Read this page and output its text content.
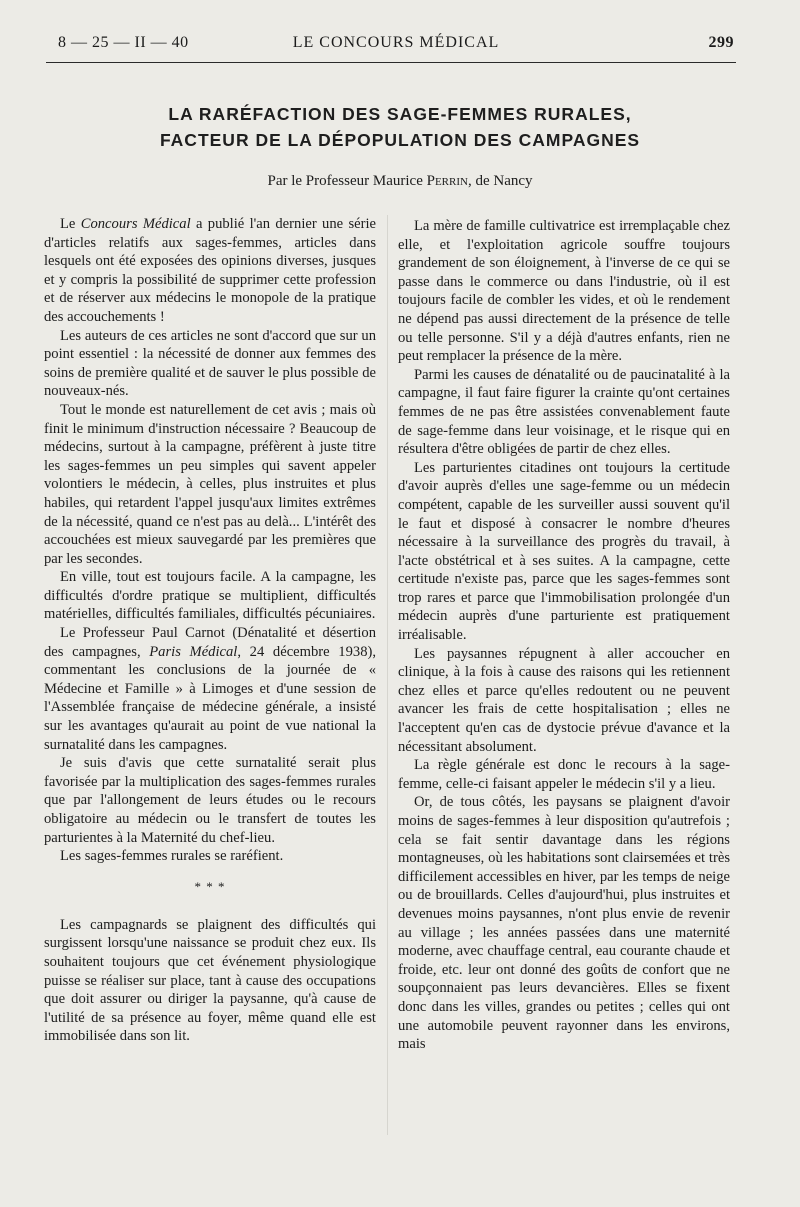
8 — 25 — II — 40	LE CONCOURS MÉDICAL	299
LA RARÉFACTION DES SAGE-FEMMES RURALES,
FACTEUR DE LA DÉPOPULATION DES CAMPAGNES
Par le Professeur Maurice Perrin, de Nancy

Le Concours Médical a publié l'an dernier une série d'articles relatifs aux sages-femmes, articles dans lesquels ont été exposées des opinions diverses, jusques et y compris la possibilité de supprimer cette profession et de réserver aux médecins le monopole de la pratique des accouchements !

Les auteurs de ces articles ne sont d'accord que sur un point essentiel : la nécessité de donner aux femmes des soins de première qualité et de sauver le plus possible de nouveaux-nés.

Tout le monde est naturellement de cet avis ; mais où finit le minimum d'instruction nécessaire ? Beaucoup de médecins, surtout à la campagne, préfèrent à juste titre les sages-femmes un peu simples qui savent appeler volontiers le médecin, à celles, plus instruites et plus habiles, qui retardent l'appel jusqu'aux limites extrêmes de la nécessité, quand ce n'est pas au delà... L'intérêt des accouchées est mieux sauvegardé par les premières que par les secondes.

En ville, tout est toujours facile. A la campagne, les difficultés d'ordre pratique se multiplient, difficultés matérielles, difficultés familiales, difficultés pécuniaires.

Le Professeur Paul Carnot (Dénatalité et désertion des campagnes, Paris Médical, 24 décembre 1938), commentant les conclusions de la journée de « Médecine et Famille » à Limoges et d'une session de l'Assemblée française de médecine générale, a insisté sur les avantages qu'aurait au point de vue national la surnatalité dans les campagnes.

Je suis d'avis que cette surnatalité serait plus favorisée par la multiplication des sages-femmes rurales que par l'allongement de leurs études ou le recours obligatoire au médecin ou le transfert de toutes les parturientes à la Maternité du chef-lieu.

Les sages-femmes rurales se raréfient.

* * *

Les campagnards se plaignent des difficultés qui surgissent lorsqu'une naissance se produit chez eux. Ils souhaitent toujours que cet événement physiologique puisse se réaliser sur place, tant à cause des occupations que doit assurer ou diriger la paysanne, qu'à cause de l'utilité de sa présence au foyer, même quand elle est immobilisée dans son lit.

La mère de famille cultivatrice est irremplaçable chez elle, et l'exploitation agricole souffre toujours grandement de son éloignement, à l'inverse de ce qui se passe dans le commerce ou dans l'industrie, où il est toujours facile de combler les vides, et où le rendement ne dépend pas aussi directement de la présence de telle ou telle personne. S'il y a déjà d'autres enfants, rien ne peut remplacer la présence de la mère.

Parmi les causes de dénatalité ou de paucinatalité à la campagne, il faut faire figurer la crainte qu'ont certaines femmes de ne pas être assistées convenablement faute de sage-femme dans leur voisinage, et le risque qui en résultera d'être obligées de partir de chez elles.

Les parturientes citadines ont toujours la certitude d'avoir auprès d'elles une sage-femme ou un médecin compétent, capable de les surveiller aussi souvent qu'il le faut et disposé à consacrer le nombre d'heures nécessaire à la surveillance des progrès du travail, à l'acte obstétrical et à ses suites. A la campagne, cette certitude n'existe pas, parce que les sages-femmes sont trop rares et parce que l'immobilisation prolongée d'un médecin auprès d'une parturiente est pratiquement irréalisable.

Les paysannes répugnent à aller accoucher en clinique, à la fois à cause des raisons qui les retiennent chez elles et parce qu'elles redoutent ou ne peuvent avancer les frais de cette hospitalisation ; elles ne l'acceptent qu'en cas de dystocie prévue d'avance et la nécessitant absolument.

La règle générale est donc le recours à la sage-femme, celle-ci faisant appeler le médecin s'il y a lieu.

Or, de tous côtés, les paysans se plaignent d'avoir moins de sages-femmes à leur disposition qu'autrefois ; cela se fait sentir davantage dans les régions montagneuses, où les habitations sont clairsemées et très difficilement accessibles en hiver, par les temps de neige ou de brouillards. Celles d'aujourd'hui, plus instruites et devenues moins paysannes, n'ont plus envie de revenir au village ; les années passées dans une maternité moderne, avec chauffage central, eau courante chaude et froide, etc. leur ont donné des goûts de confort que ne soupçonnaient pas leurs devancières. Elles se fixent donc dans les villes, grandes ou petites ; celles qui ont une automobile peuvent rayonner dans les environs, mais
